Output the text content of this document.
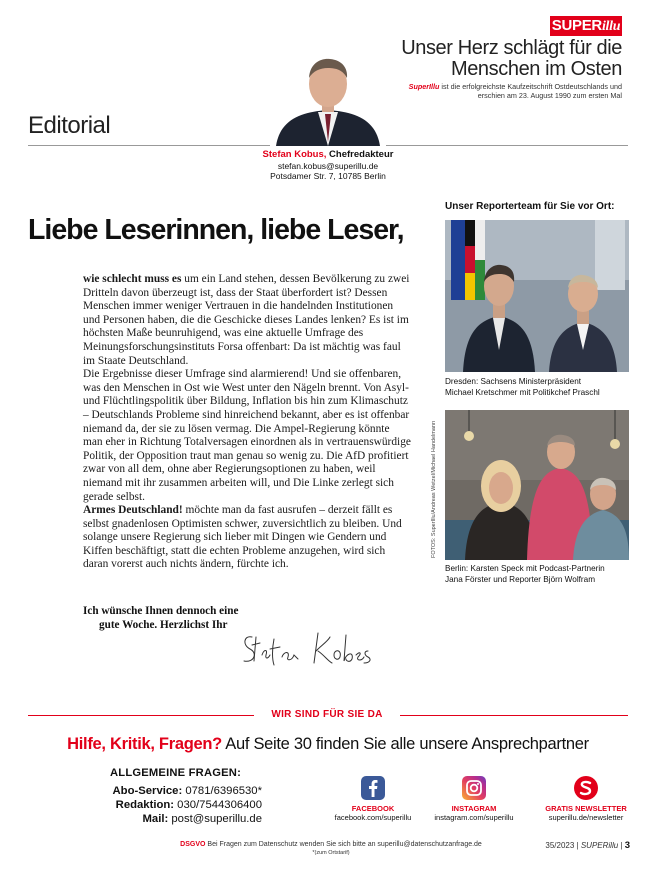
SUPERillu
Unser Herz schlägt für die Menschen im Osten
SuperIllu ist die erfolgreichste Kaufzeitschrift Ostdeutschlands und erschien am 23. August 1990 zum ersten Mal
Editorial
Stefan Kobus, Chefredakteur
stefan.kobus@superillu.de
Potsdamer Str. 7, 10785 Berlin
Liebe Leserinnen, liebe Leser,

wie schlecht muss es um ein Land stehen, dessen Bevölkerung zu zwei Dritteln davon überzeugt ist, dass der Staat überfordert ist? Dessen Menschen immer weniger Vertrauen in die handelnden Institutionen und Personen haben, die die Geschicke dieses Landes lenken? Es ist im höchsten Maße beunruhigend, was eine aktuelle Umfrage des Meinungsforschungsinstituts Forsa offenbart: Da ist mächtig was faul im Staate Deutschland.

Die Ergebnisse dieser Umfrage sind alarmierend! Und sie offenbaren, was den Menschen in Ost wie West unter den Nägeln brennt. Von Asyl- und Flüchtlingspolitik über Bildung, Inflation bis hin zum Klimaschutz – Deutschlands Probleme sind hinreichend bekannt, aber es ist offenbar niemand da, der sie zu lösen vermag. Die Ampel-Regierung könnte man eher in Richtung Totalversagen einordnen als in vertrauenswürdige Politik, der Opposition traut man genau so wenig zu. Die AfD profitiert zwar von all dem, ohne aber Regierungsoptionen zu haben, weil niemand mit ihr zusammen arbeiten will, und Die Linke zerlegt sich gerade selbst.

Armes Deutschland! möchte man da fast ausrufen – derzeit fällt es selbst gnadenlosen Optimisten schwer, zuversichtlich zu bleiben. Und solange unsere Regierung sich lieber mit Dingen wie Gendern und Kiffen beschäftigt, statt die echten Probleme anzugehen, wird sich daran vorerst auch nichts ändern, fürchte ich.

Ich wünsche Ihnen dennoch eine
gute Woche. Herzlichst Ihr
Unser Reporterteam für Sie vor Ort:
Dresden: Sachsens Ministerpräsident
Michael Kretschmer mit Politikchef Praschl
FOTOS: SuperIllu/Andreas Wetzel/Michael Handelmann
Berlin: Karsten Speck mit Podcast-Partnerin
Jana Förster und Reporter Björn Wolfram
WIR SIND FÜR SIE DA
Hilfe, Kritik, Fragen? Auf Seite 30 finden Sie alle unsere Ansprechpartner
ALLGEMEINE FRAGEN:
Abo-Service: 0781/6396530*
Redaktion: 030/7544306400
Mail: post@superillu.de
FACEBOOK
facebook.com/superillu
INSTAGRAM
instagram.com/superillu
GRATIS NEWSLETTER
superillu.de/newsletter
DSGVO Bei Fragen zum Datenschutz wenden Sie sich bitte an superillu@datenschutzanfrage.de
*(zum Ortstarif)
35/2023 | SUPERillu | 3
